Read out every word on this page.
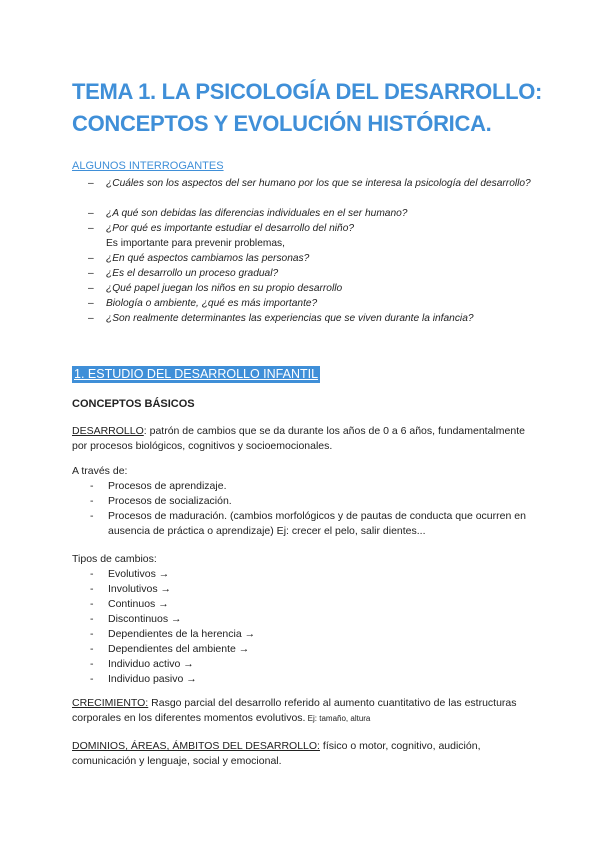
TEMA 1. LA PSICOLOGÍA DEL DESARROLLO:
CONCEPTOS Y EVOLUCIÓN HISTÓRICA.
ALGUNOS INTERROGANTES
– ¿Cuáles son los aspectos del ser humano por los que se interesa la psicología del desarrollo?
– ¿A qué son debidas las diferencias individuales en el ser humano?
– ¿Por qué es importante estudiar el desarrollo del niño?
Es importante para prevenir problemas,
– ¿En qué aspectos cambiamos las personas?
– ¿Es el desarrollo un proceso gradual?
– ¿Qué papel juegan los niños en su propio desarrollo
– Biología o ambiente, ¿qué es más importante?
– ¿Son realmente determinantes las experiencias que se viven durante la infancia?
1. ESTUDIO DEL DESARROLLO INFANTIL
CONCEPTOS BÁSICOS

DESARROLLO: patrón de cambios que se da durante los años de 0 a 6 años, fundamentalmente por procesos biológicos, cognitivos y socioemocionales.

A través de:

- Procesos de aprendizaje.
- Procesos de socialización.
- Procesos de maduración. (cambios morfológicos y de pautas de conducta que ocurren en ausencia de práctica o aprendizaje) Ej: crecer el pelo, salir dientes...

Tipos de cambios:

- Evolutivos →
- Involutivos →
- Continuos →
- Discontinuos →
- Dependientes de la herencia →
- Dependientes del ambiente →
- Individuo activo →
- Individuo pasivo →

CRECIMIENTO: Rasgo parcial del desarrollo referido al aumento cuantitativo de las estructuras corporales en los diferentes momentos evolutivos. Ej: tamaño, altura

DOMINIOS, ÁREAS, ÁMBITOS DEL DESARROLLO: físico o motor, cognitivo, audición, comunicación y lenguaje, social y emocional.
